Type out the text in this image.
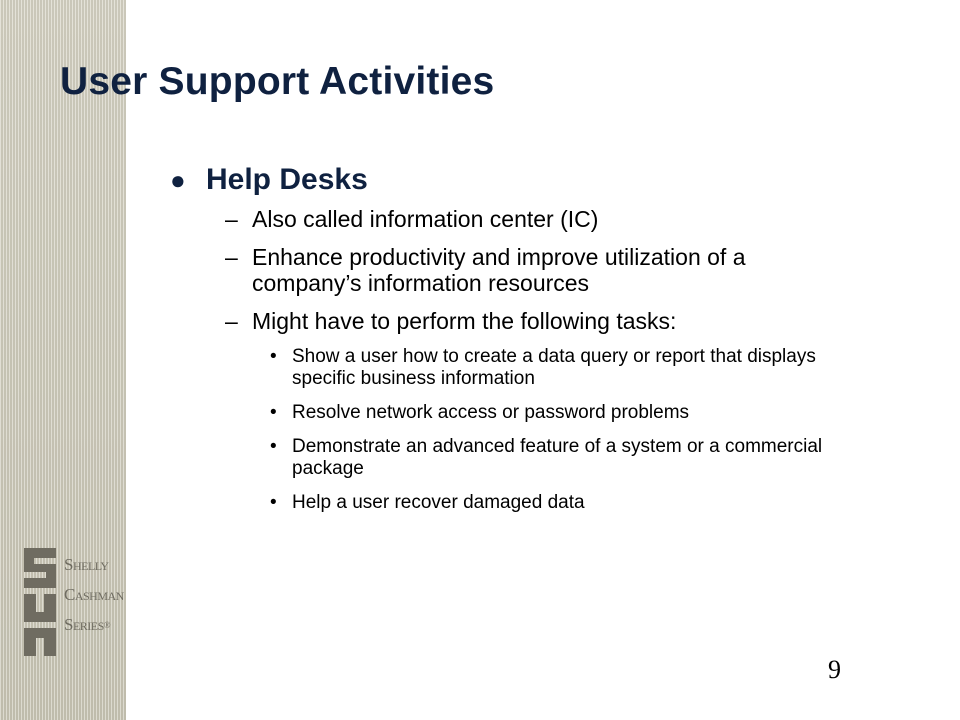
Shelly
Cashman
Series®
User Support Activities
● Help Desks
– Also called information center (IC)
– Enhance productivity and improve utilization of a company’s information resources
– Might have to perform the following tasks:
• Show a user how to create a data query or report that displays specific business information
• Resolve network access or password problems
• Demonstrate an advanced feature of a system or a commercial package
• Help a user recover damaged data
9
